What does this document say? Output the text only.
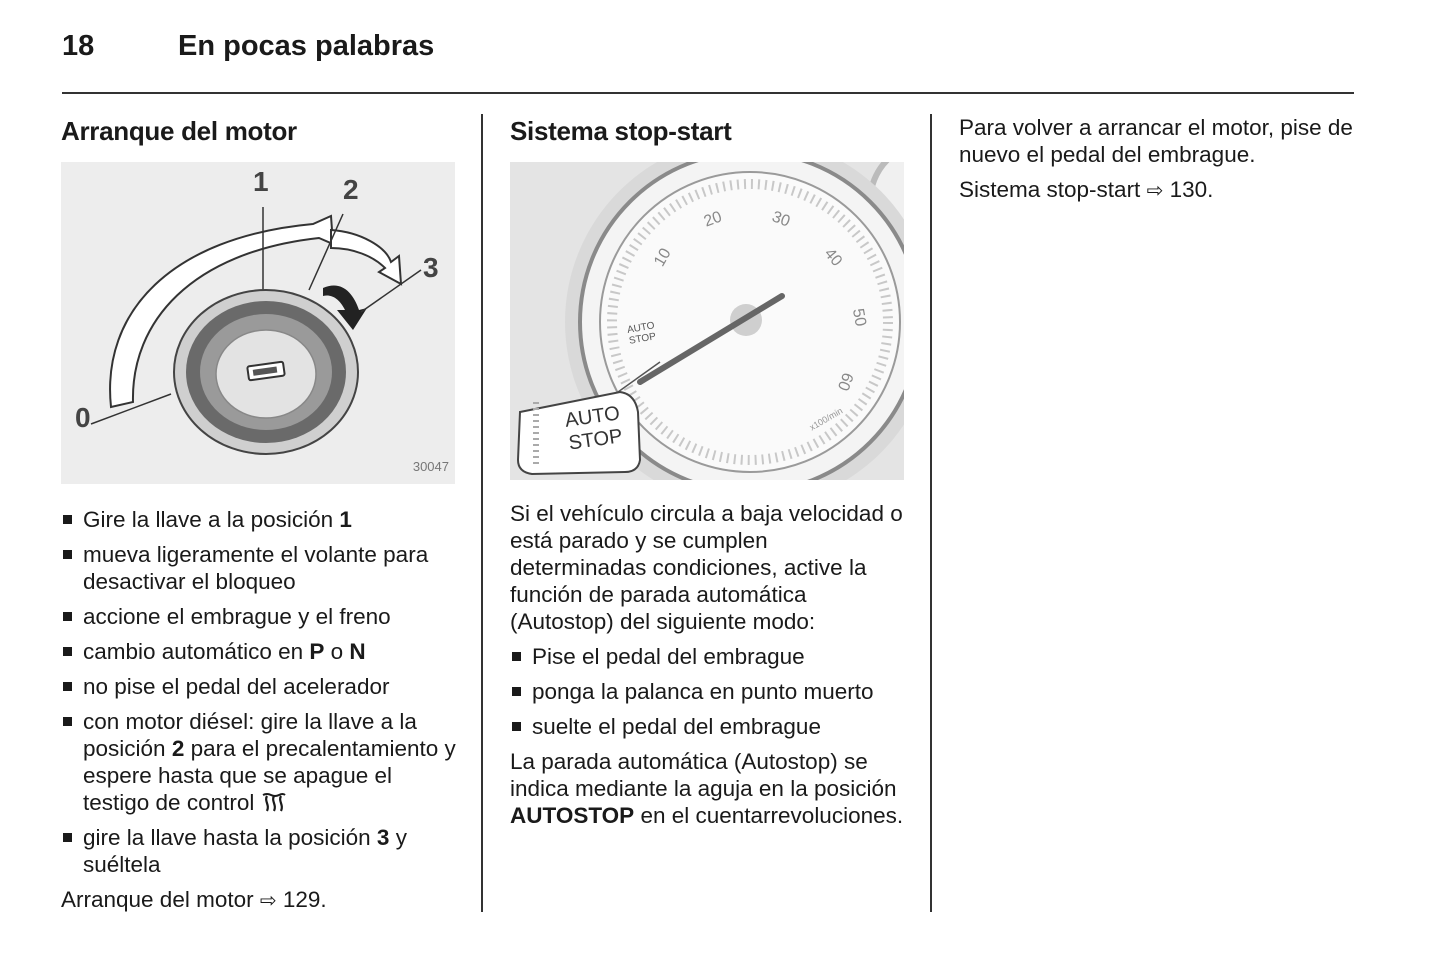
18	En pocas palabras
Arranque del motor
1	2
3
0
30047
Gire la llave a la posición 1
mueva ligeramente el volante para desactivar el bloqueo
accione el embrague y el freno
cambio automático en P o N
no pise el pedal del acelerador
con motor diésel: gire la llave a la posición 2 para el precalentamiento y espere hasta que se apague el testigo de control
gire la llave hasta la posición 3 y suéltela

Arranque del motor ⇨ 129.

Sistema stop-start
10
20	30
40
50
60
AUTO STOP
x100/min
AUTO
STOP

Si el vehículo circula a baja velocidad o está parado y se cumplen determinadas condiciones, active la función de parada automática (Autostop) del siguiente modo:

Pise el pedal del embrague
ponga la palanca en punto muerto
suelte el pedal del embrague

La parada automática (Autostop) se indica mediante la aguja en la posición AUTOSTOP en el cuentarrevoluciones.

Para volver a arrancar el motor, pise de nuevo el pedal del embrague.

Sistema stop-start ⇨ 130.
